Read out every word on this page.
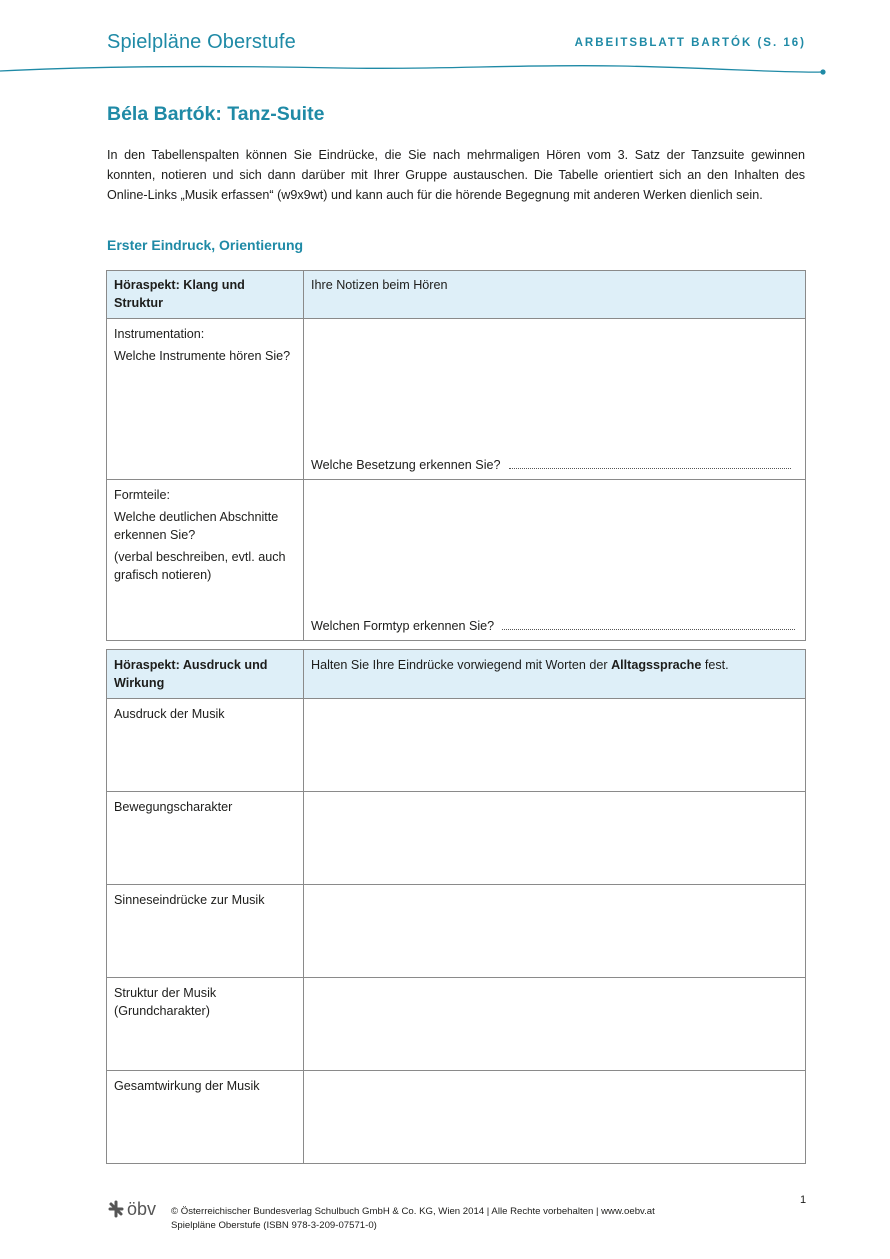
Spielpläne Oberstufe	ARBEITSBLATT BARTÓK (S. 16)
Béla Bartók: Tanz-Suite

In den Tabellenspalten können Sie Eindrücke, die Sie nach mehrmaligen Hören vom 3. Satz der Tanzsuite gewinnen konnten, notieren und sich dann darüber mit Ihrer Gruppe austauschen. Die Tabelle orientiert sich an den Inhalten des Online-Links „Musik erfassen“ (w9x9wt) und kann auch für die hörende Begegnung mit anderen Werken dienlich sein.

Erster Eindruck, Orientierung
Höraspekt: Klang und Struktur	Ihre Notizen beim Hören

Instrumentation:
Welche Instrumente hören Sie?	Welche Besetzung erkennen Sie?

Formteile:
Welche deutlichen Abschnitte erkennen Sie?
(verbal beschreiben, evtl. auch grafisch notieren)	Welchen Formtyp erkennen Sie?
Höraspekt: Ausdruck und Wirkung	Halten Sie Ihre Eindrücke vorwiegend mit Worten der Alltagssprache fest.
Ausdruck der Musik	
Bewegungscharakter	
Sinneseindrücke zur Musik	
Struktur der Musik (Grundcharakter)	
Gesamtwirkung der Musik	
öbv © Österreichischer Bundesverlag Schulbuch GmbH & Co. KG, Wien 2014 | Alle Rechte vorbehalten | www.oebv.at
Spielpläne Oberstufe (ISBN 978-3-209-07571-0)
1
